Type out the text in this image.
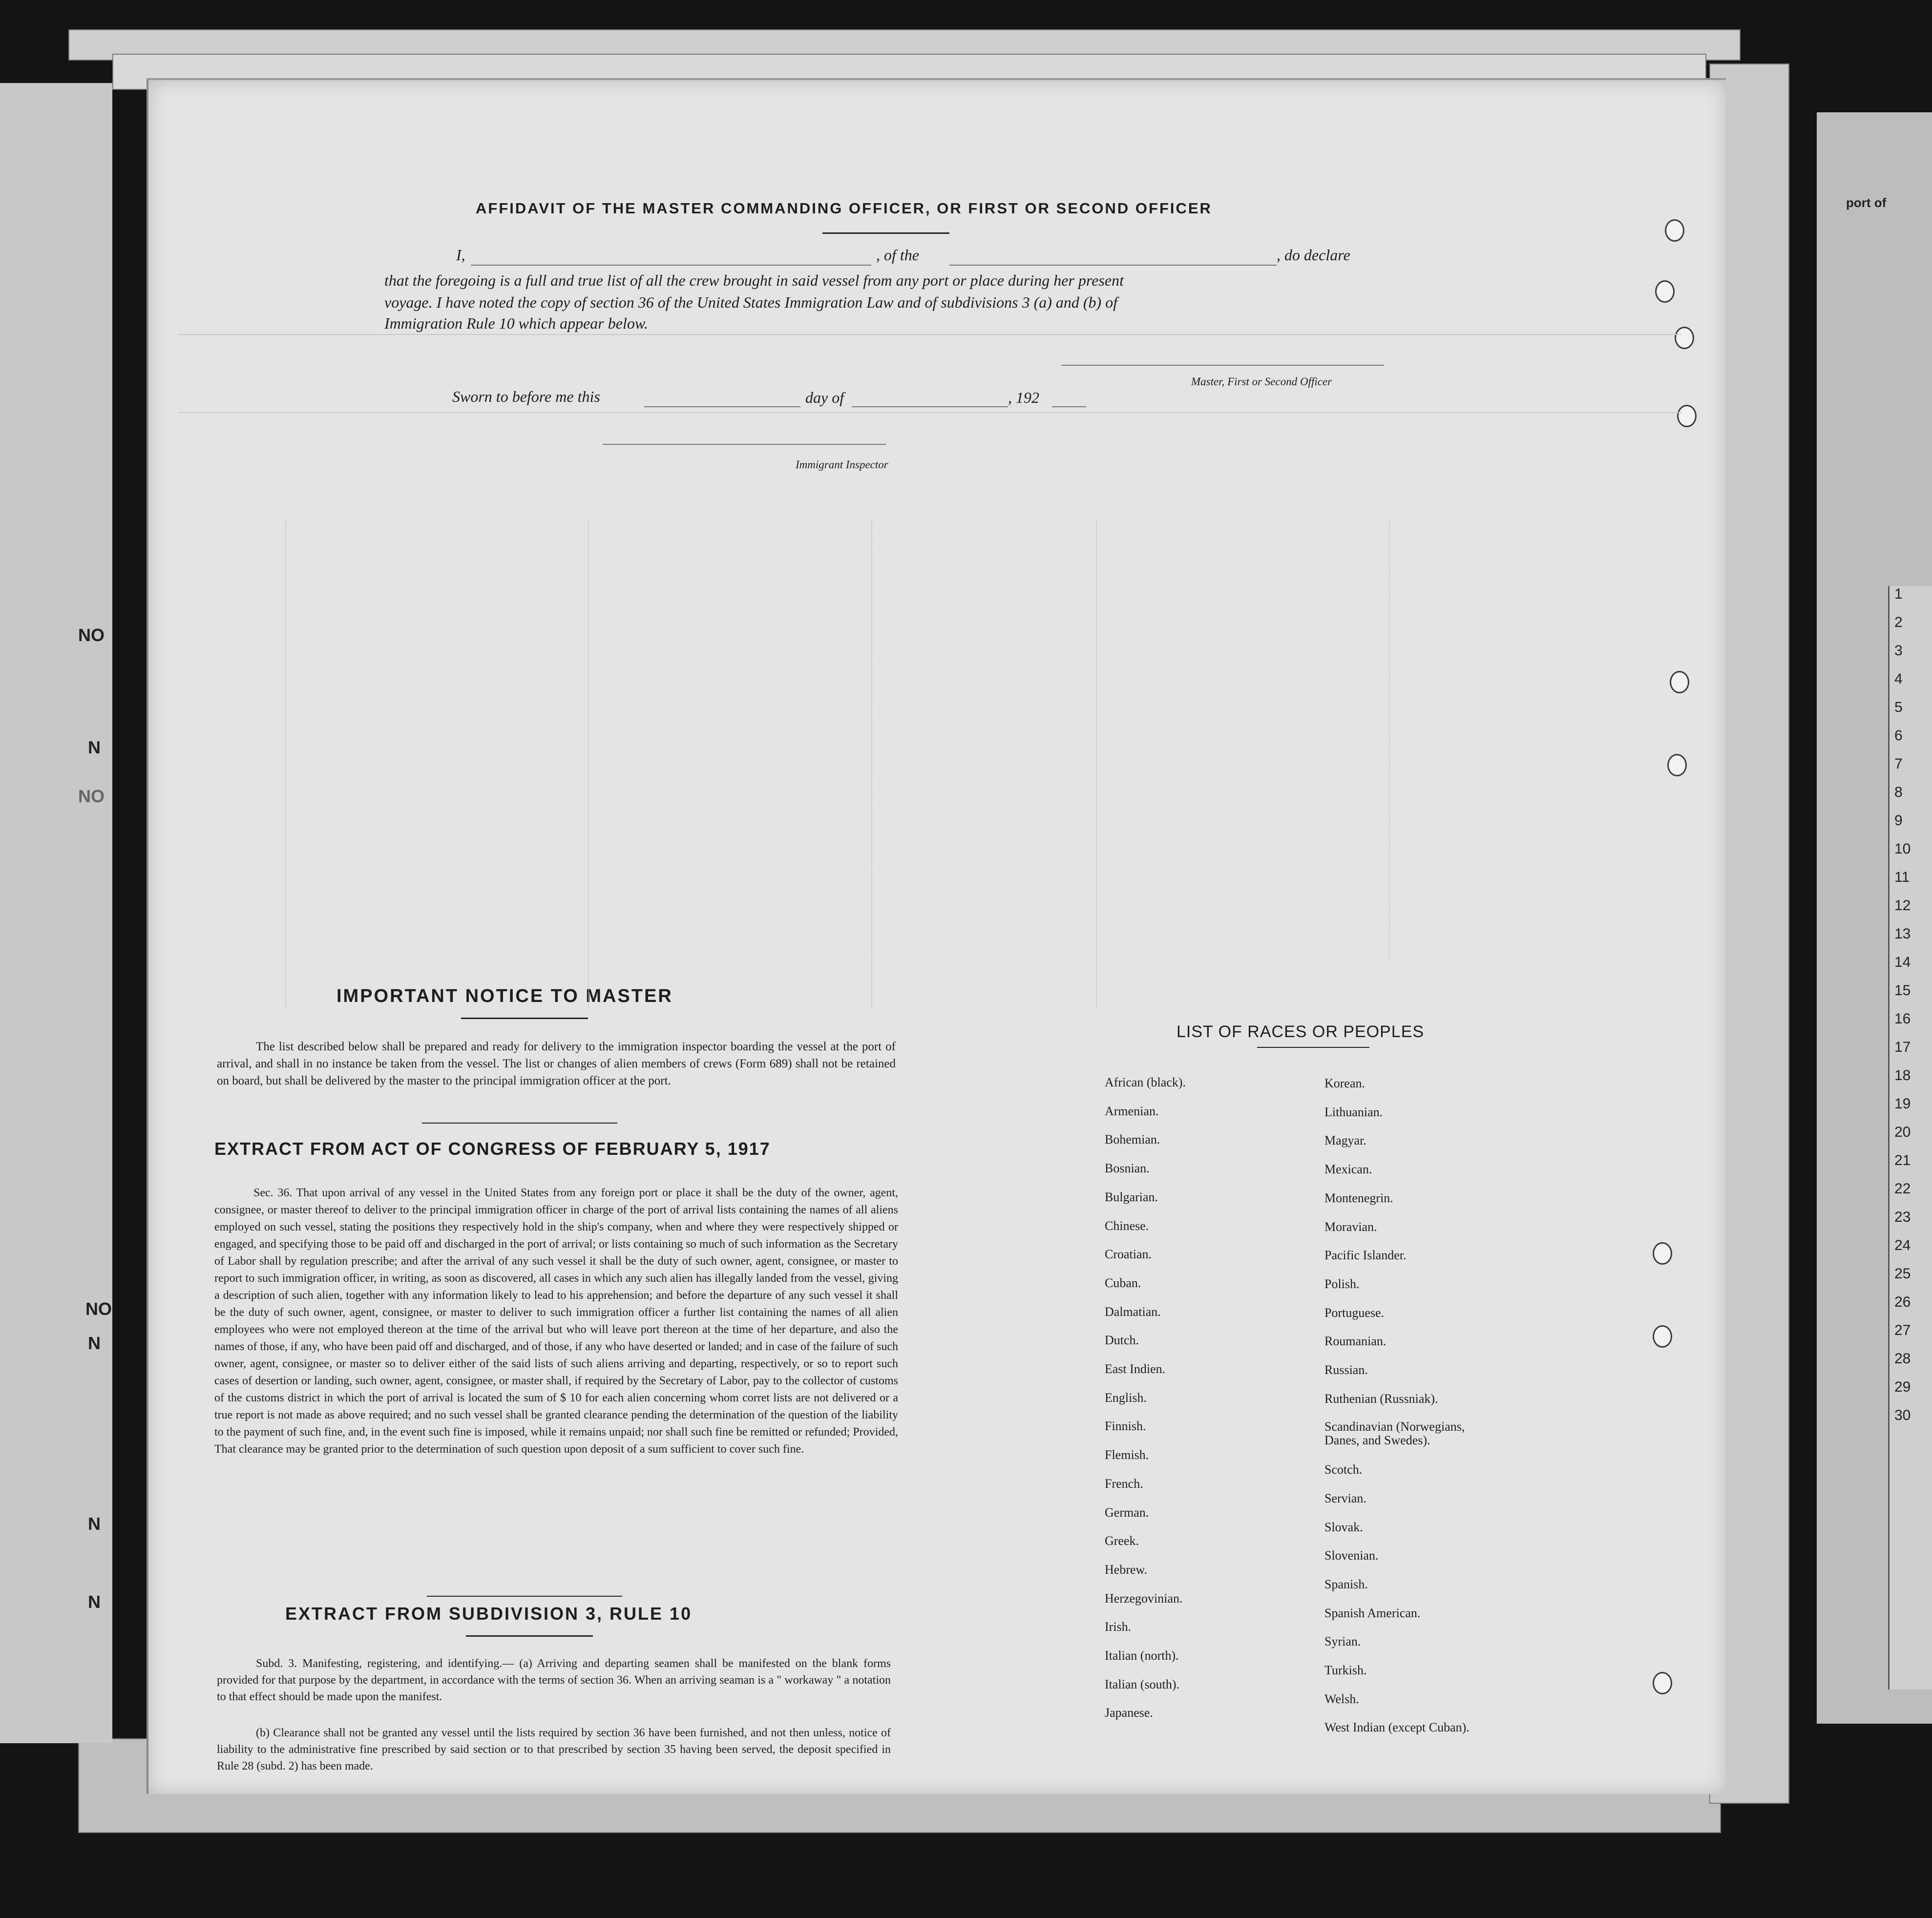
NO
N
NO
NO
N
N
N
port of
1
2
3
4
5
6
7
8
9
10
11
12
13
14
15
16
17
18
19
20
21
22
23
24
25
26
27
28
29
30
AFFIDAVIT OF THE MASTER COMMANDING OFFICER, OR FIRST OR SECOND OFFICER
I,	, of the	, do declare
that the foregoing is a full and true list of all the crew brought in said vessel from any port or place during her present
voyage. I have noted the copy of section 36 of the United States Immigration Law and of subdivisions 3 (a) and (b) of
Immigration Rule 10 which appear below.
Master, First or Second Officer
Sworn to before me this	day of	, 192
Immigrant Inspector
IMPORTANT NOTICE TO MASTER
The list described below shall be prepared and ready for delivery to the immigration inspector boarding the vessel at the port of arrival, and shall in no instance be taken from the vessel. The list or changes of alien members of crews (Form 689) shall not be retained on board, but shall be delivered by the master to the principal immigration officer at the port.
EXTRACT FROM ACT OF CONGRESS OF FEBRUARY 5, 1917
Sec. 36. That upon arrival of any vessel in the United States from any foreign port or place it shall be the duty of the owner, agent, consignee, or master thereof to deliver to the principal immigration officer in charge of the port of arrival lists containing the names of all aliens employed on such vessel, stating the positions they respectively hold in the ship's company, when and where they were respectively shipped or engaged, and specifying those to be paid off and discharged in the port of arrival; or lists containing so much of such information as the Secretary of Labor shall by regulation prescribe; and after the arrival of any such vessel it shall be the duty of such owner, agent, consignee, or master to report to such immigration officer, in writing, as soon as discovered, all cases in which any such alien has illegally landed from the vessel, giving a description of such alien, together with any information likely to lead to his apprehension; and before the departure of any such vessel it shall be the duty of such owner, agent, consignee, or master to deliver to such immigration officer a further list containing the names of all alien employees who were not employed thereon at the time of the arrival but who will leave port thereon at the time of her departure, and also the names of those, if any, who have been paid off and discharged, and of those, if any who have deserted or landed; and in case of the failure of such owner, agent, consignee, or master so to deliver either of the said lists of such aliens arriving and departing, respectively, or so to report such cases of desertion or landing, such owner, agent, consignee, or master shall, if required by the Secretary of Labor, pay to the collector of customs of the customs district in which the port of arrival is located the sum of $ 10 for each alien concerning whom corret lists are not delivered or a true report is not made as above required; and no such vessel shall be granted clearance pending the determination of the question of the liability to the payment of such fine, and, in the event such fine is imposed, while it remains unpaid; nor shall such fine be remitted or refunded; Provided, That clearance may be granted prior to the determination of such question upon deposit of a sum sufficient to cover such fine.
EXTRACT FROM SUBDIVISION 3, RULE 10
Subd. 3. Manifesting, registering, and identifying.— (a) Arriving and departing seamen shall be manifested on the blank forms provided for that purpose by the department, in accordance with the terms of section 36. When an arriving seaman is a " workaway " a notation to that effect should be made upon the manifest.
(b) Clearance shall not be granted any vessel until the lists required by section 36 have been furnished, and not then unless, notice of liability to the administrative fine prescribed by said section or to that prescribed by section 35 having been served, the deposit specified in Rule 28 (subd. 2) has been made.
LIST OF RACES OR PEOPLES
African (black).
Armenian.
Bohemian.
Bosnian.
Bulgarian.
Chinese.
Croatian.
Cuban.
Dalmatian.
Dutch.
East Indien.
English.
Finnish.
Flemish.
French.
German.
Greek.
Hebrew.
Herzegovinian.
Irish.
Italian (north).
Italian (south).
Japanese.
Korean.
Lithuanian.
Magyar.
Mexican.
Montenegrin.
Moravian.
Pacific Islander.
Polish.
Portuguese.
Roumanian.
Russian.
Ruthenian (Russniak).
Scandinavian (Norwegians, Danes, and Swedes).
Scotch.
Servian.
Slovak.
Slovenian.
Spanish.
Spanish American.
Syrian.
Turkish.
Welsh.
West Indian (except Cuban).
